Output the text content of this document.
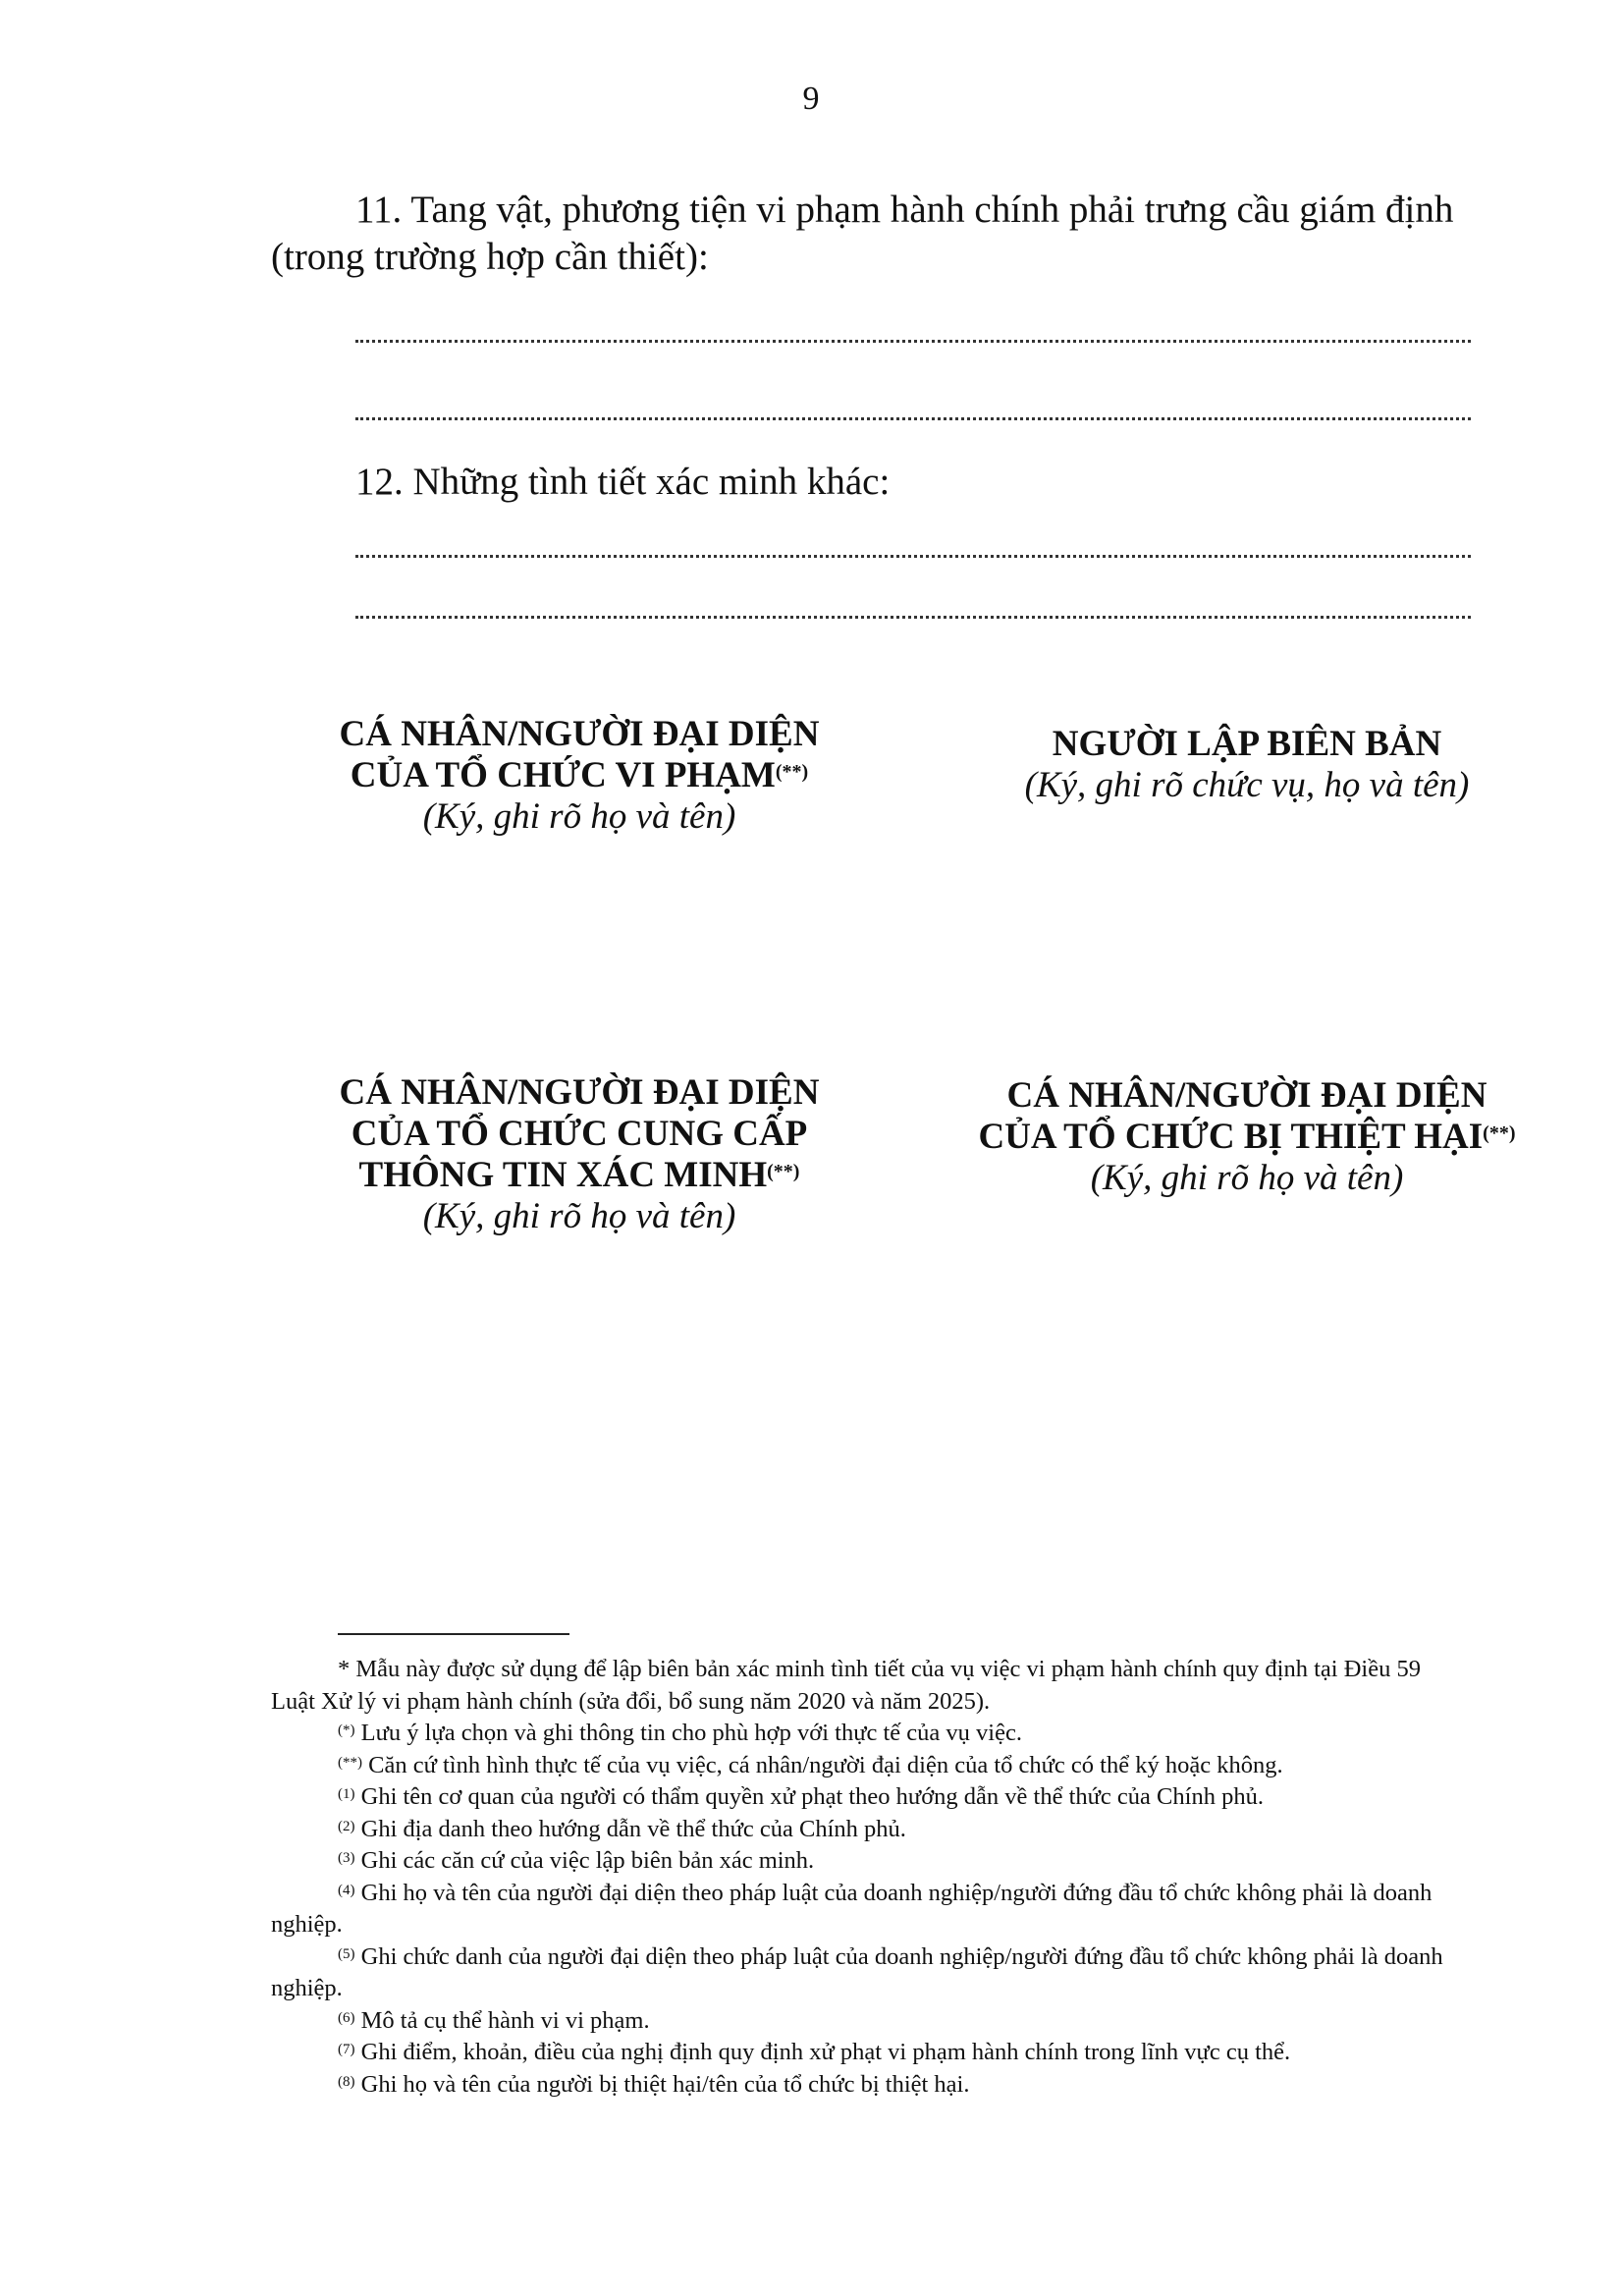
9
11. Tang vật, phương tiện vi phạm hành chính phải trưng cầu giám định
(trong trường hợp cần thiết):
12. Những tình tiết xác minh khác:
CÁ NHÂN/NGƯỜI ĐẠI DIỆN
CỦA TỔ CHỨC VI PHẠM(**)
(Ký, ghi rõ họ và tên)
NGƯỜI LẬP BIÊN BẢN
(Ký, ghi rõ chức vụ, họ và tên)
CÁ NHÂN/NGƯỜI ĐẠI DIỆN
CỦA TỔ CHỨC CUNG CẤP
THÔNG TIN XÁC MINH(**)
(Ký, ghi rõ họ và tên)
CÁ NHÂN/NGƯỜI ĐẠI DIỆN
CỦA TỔ CHỨC BỊ THIỆT HẠI(**)
(Ký, ghi rõ họ và tên)
* Mẫu này được sử dụng để lập biên bản xác minh tình tiết của vụ việc vi phạm hành chính quy định tại Điều 59 Luật Xử lý vi phạm hành chính (sửa đổi, bổ sung năm 2020 và năm 2025).
(*) Lưu ý lựa chọn và ghi thông tin cho phù hợp với thực tế của vụ việc.
(**) Căn cứ tình hình thực tế của vụ việc, cá nhân/người đại diện của tổ chức có thể ký hoặc không.
$^{(1)}$ Ghi tên cơ quan của người có thẩm quyền xử phạt theo hướng dẫn về thể thức của Chính phủ.
$^{(2)}$ Ghi địa danh theo hướng dẫn về thể thức của Chính phủ.
$^{(3)}$ Ghi các căn cứ của việc lập biên bản xác minh.
$^{(4)}$ Ghi họ và tên của người đại diện theo pháp luật của doanh nghiệp/người đứng đầu tổ chức không phải là doanh nghiệp.
$^{(5)}$ Ghi chức danh của người đại diện theo pháp luật của doanh nghiệp/người đứng đầu tổ chức không phải là doanh nghiệp.
$^{(6)}$ Mô tả cụ thể hành vi vi phạm.
$^{(7)}$ Ghi điểm, khoản, điều của nghị định quy định xử phạt vi phạm hành chính trong lĩnh vực cụ thể.
$^{(8)}$ Ghi họ và tên của người bị thiệt hại/tên của tổ chức bị thiệt hại.
